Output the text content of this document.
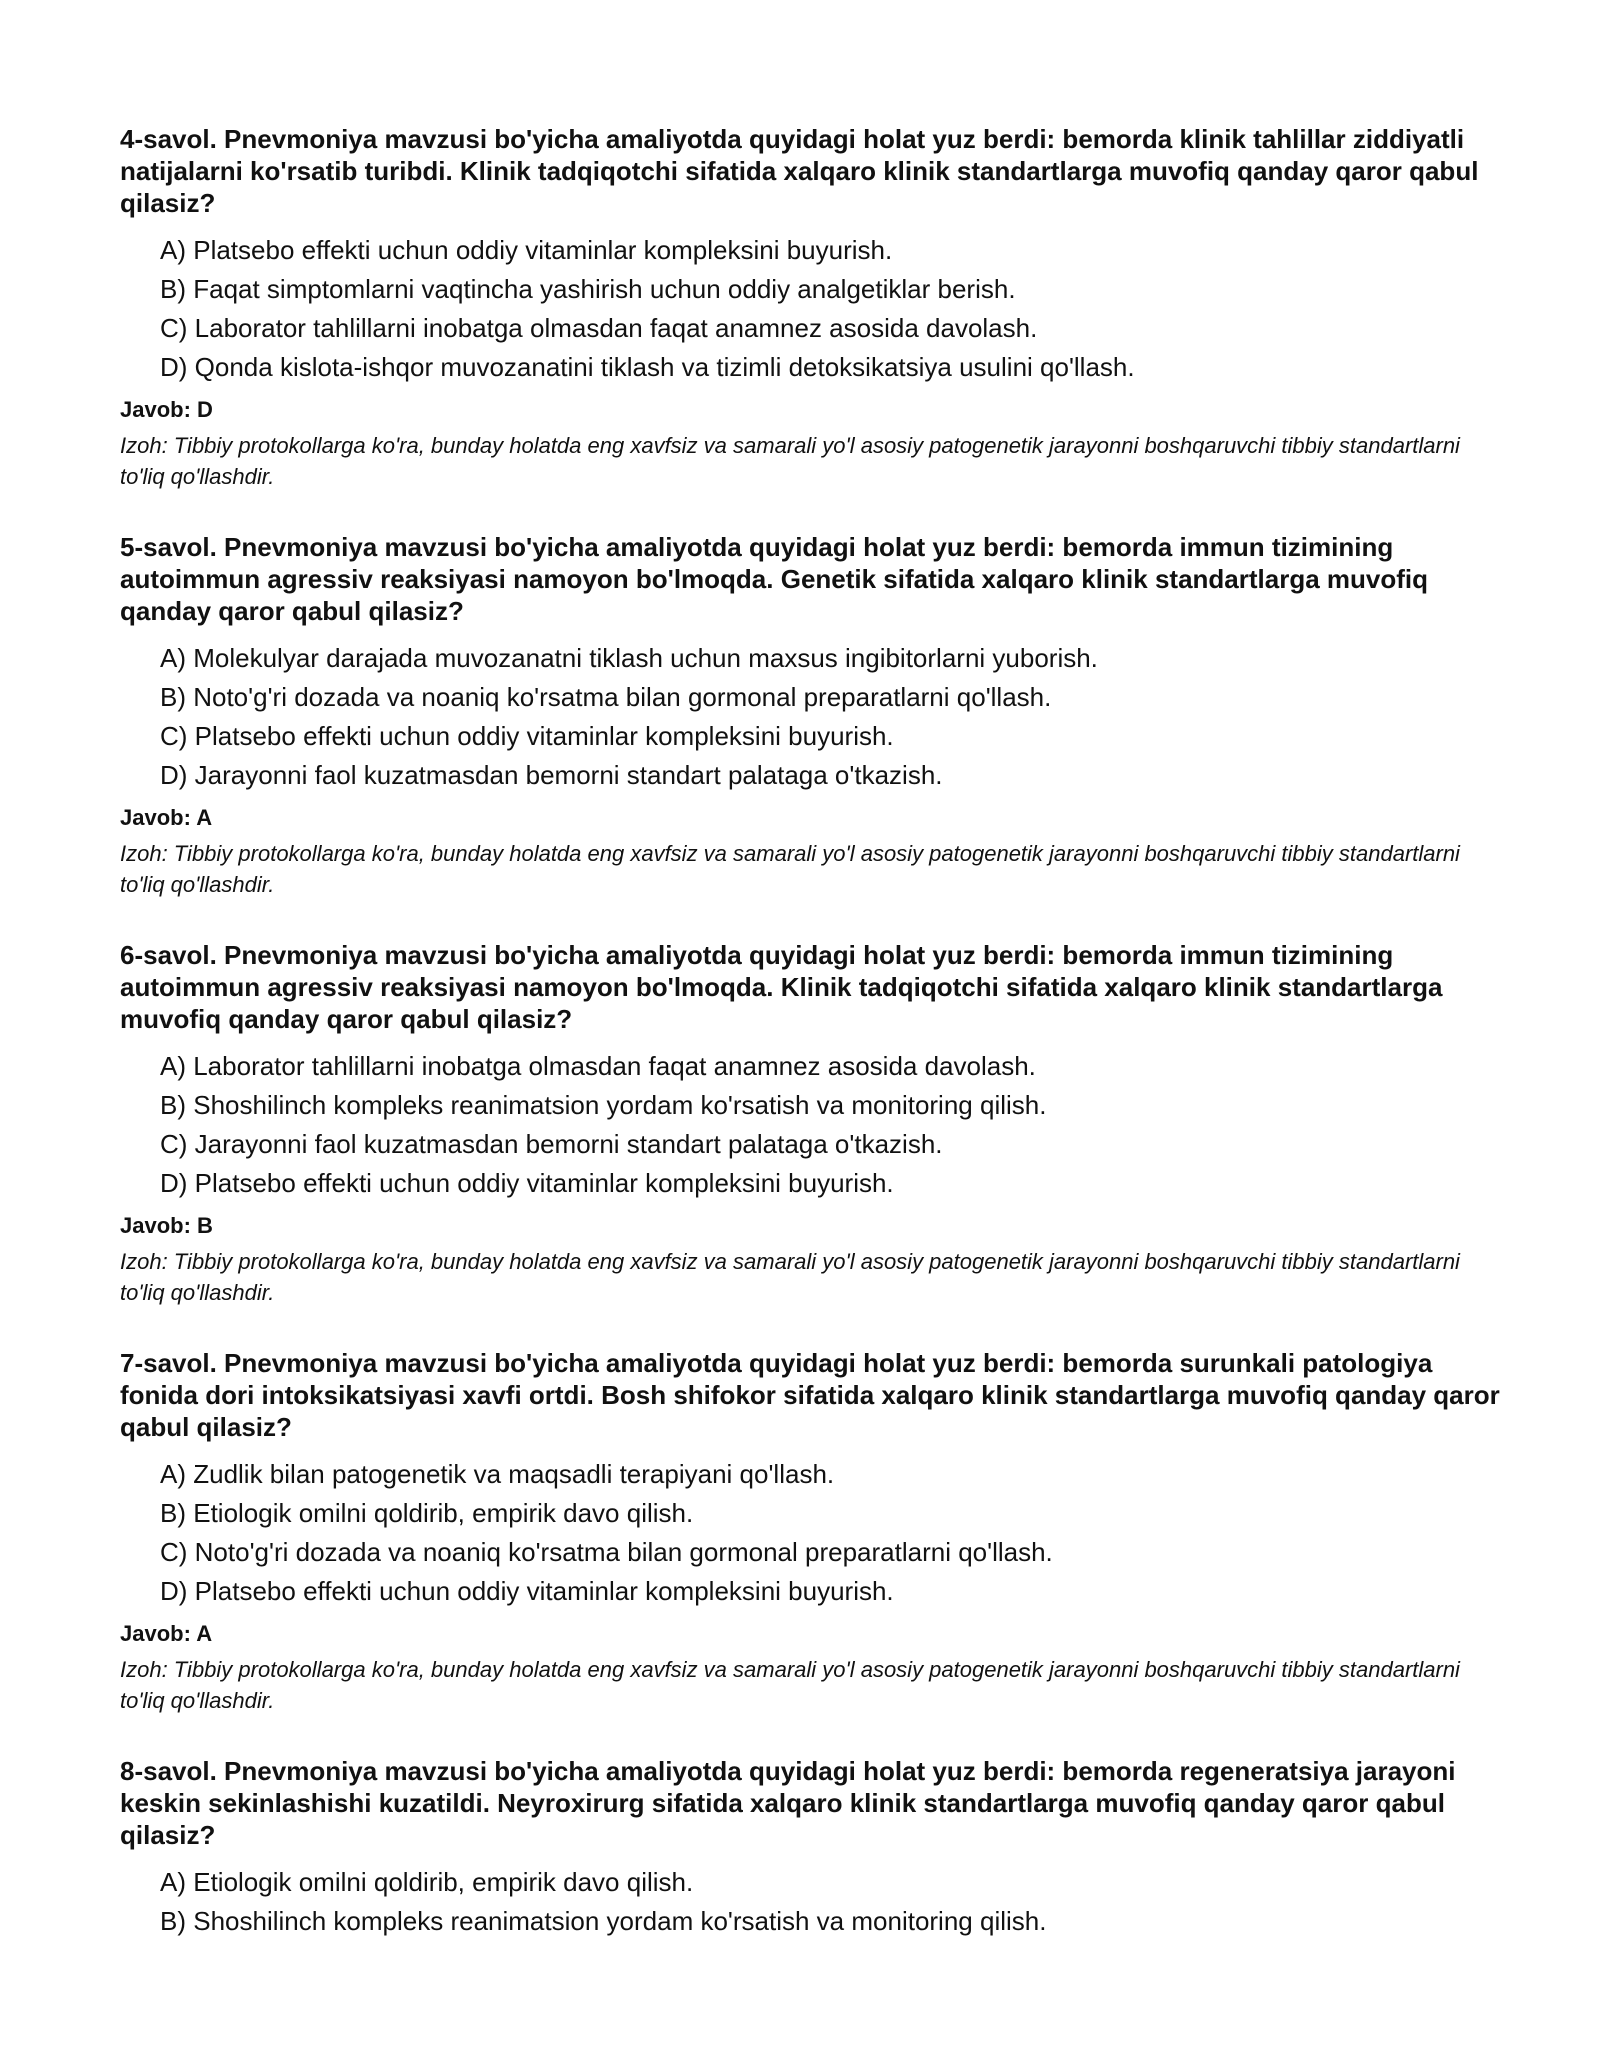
4-savol. Pnevmoniya mavzusi bo'yicha amaliyotda quyidagi holat yuz berdi: bemorda klinik tahlillar ziddiyatli natijalarni ko'rsatib turibdi. Klinik tadqiqotchi sifatida xalqaro klinik standartlarga muvofiq qanday qaror qabul qilasiz?

A) Platsebo effekti uchun oddiy vitaminlar kompleksini buyurish.
B) Faqat simptomlarni vaqtincha yashirish uchun oddiy analgetiklar berish.
C) Laborator tahlillarni inobatga olmasdan faqat anamnez asosida davolash.
D) Qonda kislota-ishqor muvozanatini tiklash va tizimli detoksikatsiya usulini qo'llash.

Javob: D

Izoh: Tibbiy protokollarga ko'ra, bunday holatda eng xavfsiz va samarali yo'l asosiy patogenetik jarayonni boshqaruvchi tibbiy standartlarni to'liq qo'llashdir.

5-savol. Pnevmoniya mavzusi bo'yicha amaliyotda quyidagi holat yuz berdi: bemorda immun tizimining autoimmun agressiv reaksiyasi namoyon bo'lmoqda. Genetik sifatida xalqaro klinik standartlarga muvofiq qanday qaror qabul qilasiz?

A) Molekulyar darajada muvozanatni tiklash uchun maxsus ingibitorlarni yuborish.
B) Noto'g'ri dozada va noaniq ko'rsatma bilan gormonal preparatlarni qo'llash.
C) Platsebo effekti uchun oddiy vitaminlar kompleksini buyurish.
D) Jarayonni faol kuzatmasdan bemorni standart palataga o'tkazish.

Javob: A

Izoh: Tibbiy protokollarga ko'ra, bunday holatda eng xavfsiz va samarali yo'l asosiy patogenetik jarayonni boshqaruvchi tibbiy standartlarni to'liq qo'llashdir.

6-savol. Pnevmoniya mavzusi bo'yicha amaliyotda quyidagi holat yuz berdi: bemorda immun tizimining autoimmun agressiv reaksiyasi namoyon bo'lmoqda. Klinik tadqiqotchi sifatida xalqaro klinik standartlarga muvofiq qanday qaror qabul qilasiz?

A) Laborator tahlillarni inobatga olmasdan faqat anamnez asosida davolash.
B) Shoshilinch kompleks reanimatsion yordam ko'rsatish va monitoring qilish.
C) Jarayonni faol kuzatmasdan bemorni standart palataga o'tkazish.
D) Platsebo effekti uchun oddiy vitaminlar kompleksini buyurish.

Javob: B

Izoh: Tibbiy protokollarga ko'ra, bunday holatda eng xavfsiz va samarali yo'l asosiy patogenetik jarayonni boshqaruvchi tibbiy standartlarni to'liq qo'llashdir.

7-savol. Pnevmoniya mavzusi bo'yicha amaliyotda quyidagi holat yuz berdi: bemorda surunkali patologiya fonida dori intoksikatsiyasi xavfi ortdi. Bosh shifokor sifatida xalqaro klinik standartlarga muvofiq qanday qaror qabul qilasiz?

A) Zudlik bilan patogenetik va maqsadli terapiyani qo'llash.
B) Etiologik omilni qoldirib, empirik davo qilish.
C) Noto'g'ri dozada va noaniq ko'rsatma bilan gormonal preparatlarni qo'llash.
D) Platsebo effekti uchun oddiy vitaminlar kompleksini buyurish.

Javob: A

Izoh: Tibbiy protokollarga ko'ra, bunday holatda eng xavfsiz va samarali yo'l asosiy patogenetik jarayonni boshqaruvchi tibbiy standartlarni to'liq qo'llashdir.

8-savol. Pnevmoniya mavzusi bo'yicha amaliyotda quyidagi holat yuz berdi: bemorda regeneratsiya jarayoni keskin sekinlashishi kuzatildi. Neyroxirurg sifatida xalqaro klinik standartlarga muvofiq qanday qaror qabul qilasiz?

A) Etiologik omilni qoldirib, empirik davo qilish.
B) Shoshilinch kompleks reanimatsion yordam ko'rsatish va monitoring qilish.
